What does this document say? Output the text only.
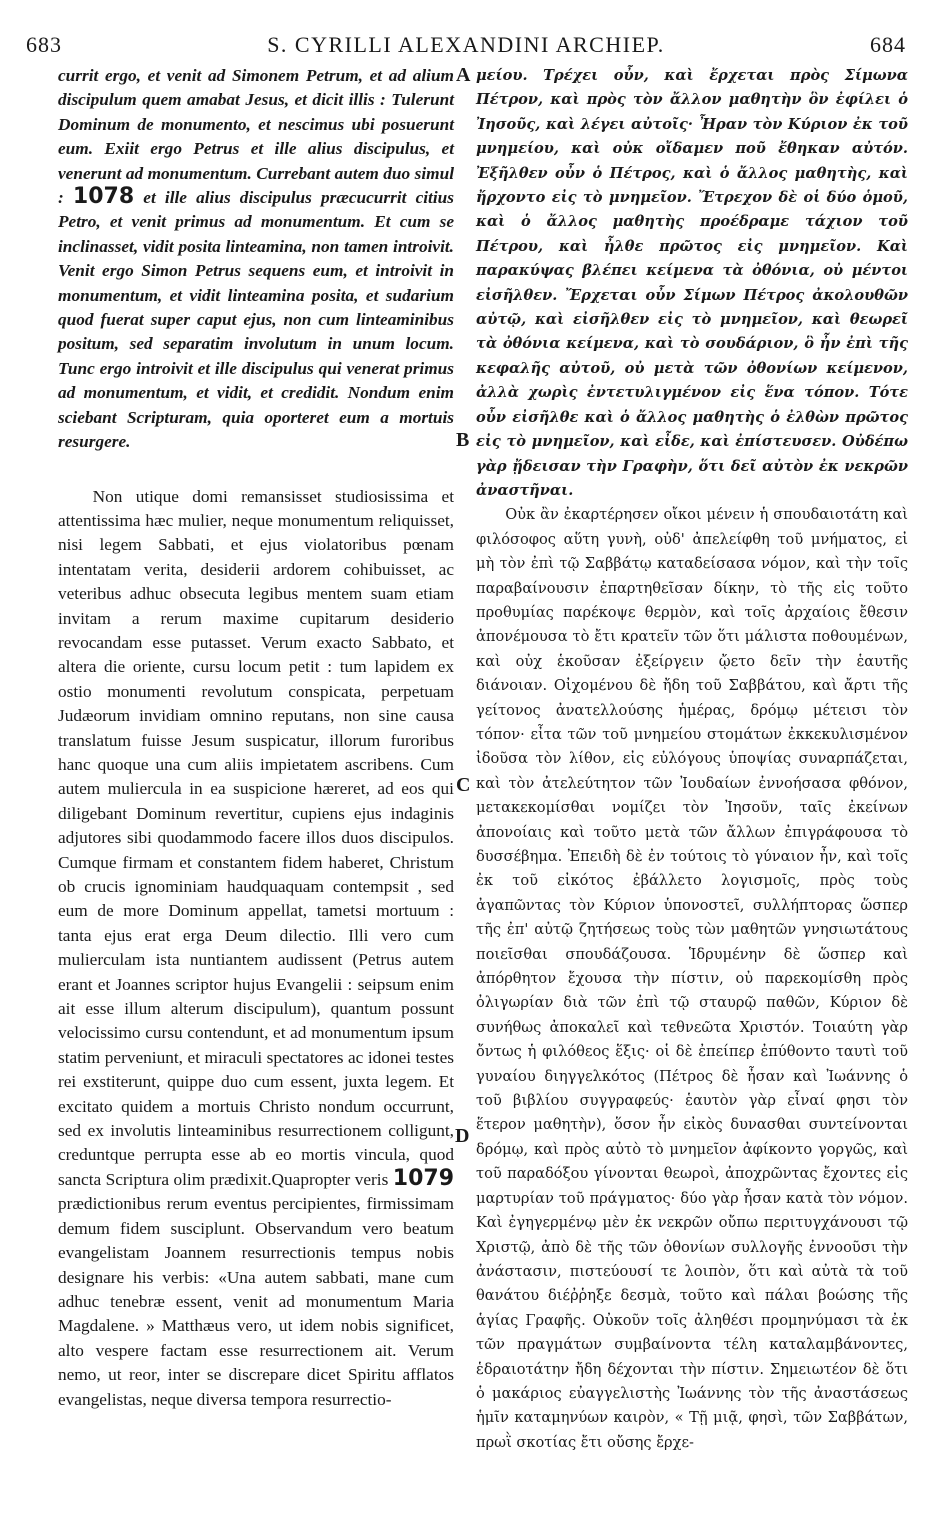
683	S. CYRILLI ALEXANDINI ARCHIEP.	684
A
B
C
D

currit ergo, et venit ad Simonem Petrum, et ad alium discipulum quem amabat Jesus, et dicit illis : Tulerunt Dominum de monumento, et nescimus ubi posuerunt eum. Exiit ergo Petrus et ille alius discipulus, et venerunt ad monumentum. Currebant autem duo simul : 1078 et ille alius discipulus præcucurrit citius Petro, et venit primus ad monumentum. Et cum se inclinasset, vidit posita linteamina, non tamen introivit. Venit ergo Simon Petrus sequens eum, et introivit in monumentum, et vidit linteamina posita, et sudarium quod fuerat super caput ejus, non cum linteaminibus positum, sed separatim involutum in unum locum. Tunc ergo introivit et ille discipulus qui venerat primus ad monumentum, et vidit, et credidit. Nondum enim sciebant Scripturam, quia oporteret eum a mortuis resurgere.

Non utique domi remansisset studiosissima et attentissima hæc mulier, neque monumentum reliquisset, nisi legem Sabbati, et ejus violatoribus pœnam intentatam verita, desiderii ardorem cohibuisset, ac veteribus adhuc obsecuta legibus mentem suam etiam invitam a rerum maxime cupitarum desiderio revocandam esse putasset. Verum exacto Sabbato, et altera die oriente, cursu locum petit : tum lapidem ex ostio monumenti revolutum conspicata, perpetuam Judæorum invidiam omnino reputans, non sine causa translatum fuisse Jesum suspicatur, illorum furoribus hanc quoque una cum aliis impietatem ascribens. Cum autem muliercula in ea suspicione hæreret, ad eos qui diligebant Dominum revertitur, cupiens ejus indaginis adjutores sibi quodammodo facere illos duos discipulos. Cumque firmam et constantem fidem haberet, Christum ob crucis ignominiam haudquaquam contempsit , sed eum de more Dominum appellat, tametsi mortuum : tanta ejus erat erga Deum dilectio. Illi vero cum mulierculam ista nuntiantem audissent (Petrus autem erant et Joannes scriptor hujus Evangelii : seipsum enim ait esse illum alterum discipulum), quantum possunt velocissimo cursu contendunt, et ad monumentum ipsum statim perveniunt, et miraculi spectatores ac idonei testes rei exstiterunt, quippe duo cum essent, juxta legem. Et excitato quidem a mortuis Christo nondum occurrunt, sed ex involutis linteaminibus resurrectionem colligunt, creduntque perrupta esse ab eo mortis vincula, quod sancta Scriptura olim prædixit.Quapropter veris 1079 prædictionibus rerum eventus percipientes, firmissimam demum fidem susciplunt. Observandum vero beatum evangelistam Joannem resurrectionis tempus nobis designare his verbis: «Una autem sabbati, mane cum adhuc tenebræ essent, venit ad monumentum Maria Magdalene. » Matthæus vero, ut idem nobis significet, alto vespere factam esse resurrectionem ait. Verum nemo, ut reor, inter se discrepare dicet Spiritu afflatos evangelistas, neque diversa tempora resurrectio-

μείου. Τρέχει οὖν, καὶ ἔρχεται πρὸς Σίμωνα Πέτρον, καὶ πρὸς τὸν ἄλλον μαθητὴν ὃν ἐφίλει ὁ Ἰησοῦς, καὶ λέγει αὐτοῖς· Ἦραν τὸν Κύριον ἐκ τοῦ μνημείου, καὶ οὐκ οἴδαμεν ποῦ ἔθηκαν αὐτόν. Ἐξῆλθεν οὖν ὁ Πέτρος, καὶ ὁ ἄλλος μαθητὴς, καὶ ἤρχοντο εἰς τὸ μνημεῖον. Ἔτρεχον δὲ οἱ δύο ὁμοῦ, καὶ ὁ ἄλλος μαθητὴς προέδραμε τάχιον τοῦ Πέτρου, καὶ ἦλθε πρῶτος εἰς μνημεῖον. Καὶ παρακύψας βλέπει κείμενα τὰ ὀθόνια, οὐ μέντοι εἰσῆλθεν. Ἔρχεται οὖν Σίμων Πέτρος ἀκολουθῶν αὐτῷ, καὶ εἰσῆλθεν εἰς τὸ μνημεῖον, καὶ θεωρεῖ τὰ ὀθόνια κείμενα, καὶ τὸ σουδάριον, ὃ ἦν ἐπὶ τῆς κεφαλῆς αὐτοῦ, οὐ μετὰ τῶν ὀθονίων κείμενον, ἀλλὰ χωρὶς ἐντετυλιγμένον εἰς ἕνα τόπον. Τότε οὖν εἰσῆλθε καὶ ὁ ἄλλος μαθητὴς ὁ ἐλθὼν πρῶτος εἰς τὸ μνημεῖον, καὶ εἶδε, καὶ ἐπίστευσεν. Οὐδέπω γὰρ ᾔδεισαν τὴν Γραφὴν, ὅτι δεῖ αὐτὸν ἐκ νεκρῶν ἀναστῆναι.

Οὐκ ἂν ἐκαρτέρησεν οἴκοι μένειν ἡ σπουδαιοτάτη καὶ φιλόσοφος αὕτη γυνὴ, οὐδ' ἀπελείφθη τοῦ μνήματος, εἰ μὴ τὸν ἐπὶ τῷ Σαββάτῳ καταδείσασα νόμον, καὶ τὴν τοῖς παραβαίνουσιν ἐπαρτηθεῖσαν δίκην, τὸ τῆς εἰς τοῦτο προθυμίας παρέκοψε θερμὸν, καὶ τοῖς ἀρχαίοις ἔθεσιν ἀπονέμουσα τὸ ἔτι κρατεῖν τῶν ὅτι μάλιστα ποθουμένων, καὶ οὐχ ἑκοῦσαν ἐξείργειν ᾤετο δεῖν τὴν ἑαυτῆς διάνοιαν. Οἰχομένου δὲ ἤδη τοῦ Σαββάτου, καὶ ἄρτι τῆς γείτονος ἀνατελλούσης ἡμέρας, δρόμῳ μέτεισι τὸν τόπον· εἶτα τῶν τοῦ μνημείου στομάτων ἐκκεκυλισμένον ἰδοῦσα τὸν λίθον, εἰς εὐλόγους ὑποψίας συναρπάζεται, καὶ τὸν ἀτελεύτητον τῶν Ἰουδαίων ἐννοήσασα φθόνον, μετακεκομίσθαι νομίζει τὸν Ἰησοῦν, ταῖς ἐκείνων ἀπονοίαις καὶ τοῦτο μετὰ τῶν ἄλλων ἐπιγράφουσα τὸ δυσσέβημα. Ἐπειδὴ δὲ ἐν τούτοις τὸ γύναιον ἦν, καὶ τοῖς ἐκ τοῦ εἰκότος ἐβάλλετο λογισμοῖς, πρὸς τοὺς ἀγαπῶντας τὸν Κύριον ὑπονοστεῖ, συλλήπτορας ὥσπερ τῆς ἐπ' αὐτῷ ζητήσεως τοὺς τὼν μαθητῶν γνησιωτάτους ποιεῖσθαι σπουδάζουσα. Ἱδρυμένην δὲ ὥσπερ καὶ ἀπόρθητον ἔχουσα τὴν πίστιν, οὐ παρεκομίσθη πρὸς ὀλιγωρίαν διὰ τῶν ἐπὶ τῷ σταυρῷ παθῶν, Κύριον δὲ συνήθως ἀποκαλεῖ καὶ τεθνεῶτα Χριστόν. Τοιαύτη γὰρ ὄντως ἡ φιλόθεος ἕξις· οἱ δὲ ἐπείπερ ἐπύθοντο ταυτὶ τοῦ γυναίου διηγγελκότος (Πέτρος δὲ ἦσαν καὶ Ἰωάννης ὁ τοῦ βιβλίου συγγραφεύς· ἑαυτὸν γὰρ εἶναί φησι τὸν ἕτερον μαθητὴν), ὅσον ἦν εἰκὸς δυνασθαι συντείνονται δρόμῳ, καὶ πρὸς αὐτὸ τὸ μνημεῖον ἀφίκοντο γοργῶς, καὶ τοῦ παραδόξου γίνονται θεωροὶ, ἀποχρῶντας ἔχοντες εἰς μαρτυρίαν τοῦ πράγματος· δύο γὰρ ἦσαν κατὰ τὸν νόμον. Καὶ ἐγηγερμένῳ μὲν ἐκ νεκρῶν οὔπω περιτυγχάνουσι τῷ Χριστῷ, ἀπὸ δὲ τῆς τῶν ὀθονίων συλλογῆς ἐννοοῦσι τὴν ἀνάστασιν, πιστεύουσί τε λοιπὸν, ὅτι καὶ αὐτὰ τὰ τοῦ θανάτου διέῤῥηξε δεσμὰ, τοῦτο καὶ πάλαι βοώσης τῆς ἁγίας Γραφῆς. Οὐκοῦν τοῖς ἀληθέσι προμηνύμασι τὰ ἐκ τῶν πραγμάτων συμβαίνοντα τέλη καταλαμβάνοντες, ἑδραιοτάτην ἤδη δέχονται τὴν πίστιν. Σημειωτέον δὲ ὅτι ὁ μακάριος εὐαγγελιστὴς Ἰωάννης τὸν τῆς ἀναστάσεως ἡμῖν καταμηνύων καιρὸν, « Τῇ μιᾷ, φησὶ, τῶν Σαββάτων, πρωῒ σκοτίας ἔτι οὔσης ἔρχε-
